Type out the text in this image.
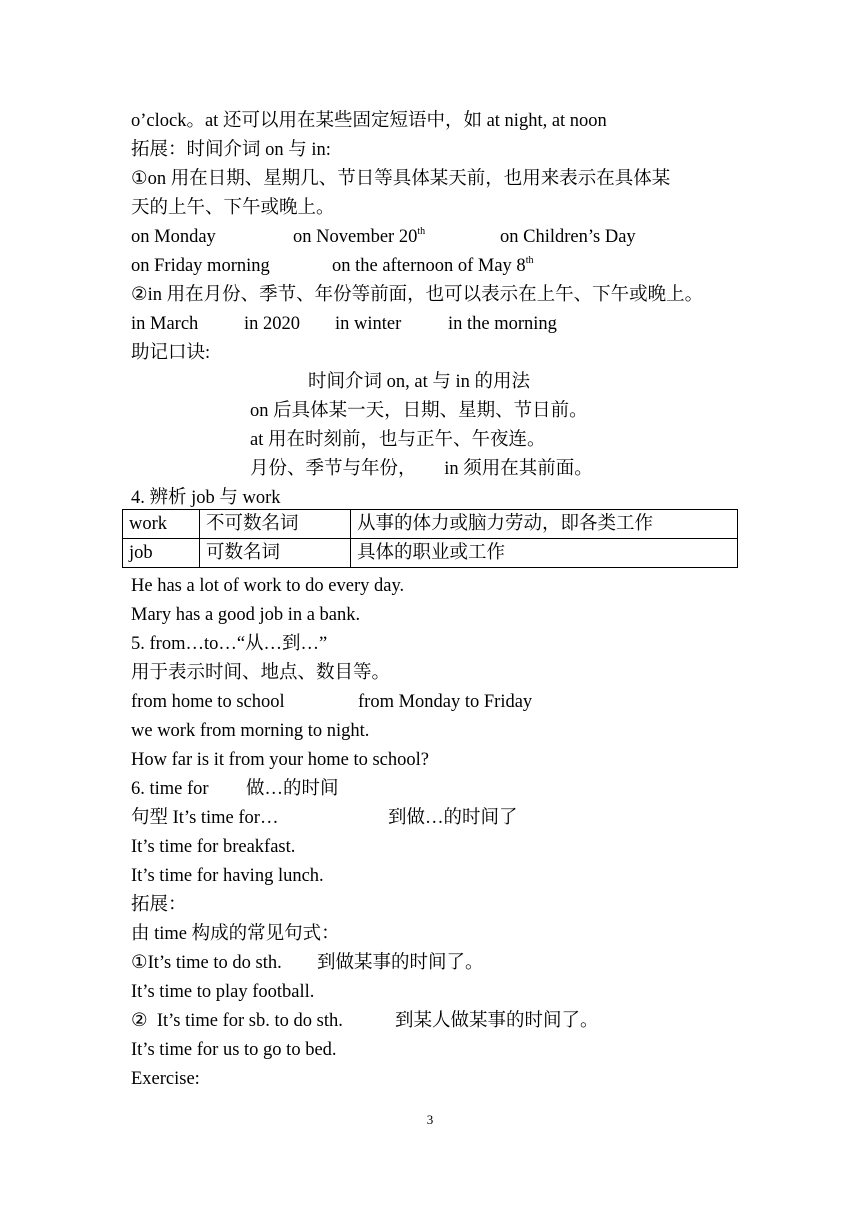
o’clock。at 还可以用在某些固定短语中，如 at night, at noon
拓展：时间介词 on 与 in:
①on 用在日期、星期几、节日等具体某天前，也用来表示在具体某
天的上午、下午或晚上。
on Monday	on November 20th	on Children’s Day
on Friday morning	on the afternoon of May 8th
②in 用在月份、季节、年份等前面，也可以表示在上午、下午或晚上。
in March in 2020 in winter	in the morning
助记口诀:
时间介词 on, at 与 in 的用法
on 后具体某一天，日期、星期、节日前。
at 用在时刻前，也与正午、午夜连。
月份、季节与年份，      in 须用在其前面。
4. 辨析 job 与 work
work	不可数名词	从事的体力或脑力劳动，即各类工作
job	可数名词	具体的职业或工作
He has a lot of work to do every day.
Mary has a good job in a bank.
5. from…to…“从…到…”
用于表示时间、地点、数目等。
from home to school	from Monday to Friday
we work from morning to night.
How far is it from your home to school?
6. time for 做…的时间
句型 It’s time for…	到做…的时间了
It’s time for breakfast.
It’s time for having lunch.
拓展：
由 time 构成的常见句式：
①It’s time to do sth. 到做某事的时间了。
It’s time to play football.
②  It’s time for sb. to do sth.	到某人做某事的时间了。
It’s time for us to go to bed.
Exercise:
3
